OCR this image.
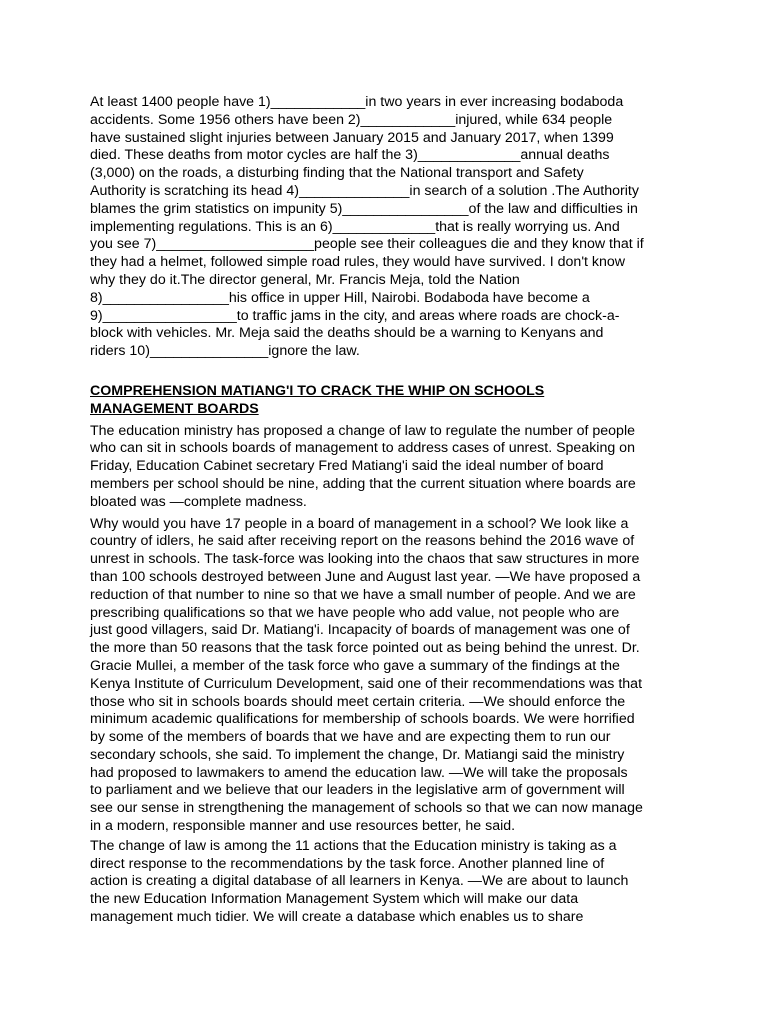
At least 1400 people have 1)____________in two years in ever increasing bodaboda
accidents. Some 1956 others have been 2)____________injured, while 634 people
have sustained slight injuries between January 2015 and January 2017, when 1399
died. These deaths from motor cycles are half the 3)_____________annual deaths
(3,000) on the roads, a disturbing finding that the National transport and Safety
Authority is scratching its head 4)______________in search of a solution .The Authority
blames the grim statistics on impunity 5)________________of the law and difficulties in
implementing regulations. This is an 6)_____________that is really worrying us. And
you see 7)____________________people see their colleagues die and they know that if
they had a helmet, followed simple road rules, they would have survived. I don't know
why they do it.The director general, Mr. Francis Meja, told the Nation
8)________________his office in upper Hill, Nairobi. Bodaboda have become a
9)_________________to traffic jams in the city, and areas where roads are chock-a-
block with vehicles. Mr. Meja said the deaths should be a warning to Kenyans and
riders 10)_______________ignore the law.

COMPREHENSION MATIANG'I TO CRACK THE WHIP ON SCHOOLS
MANAGEMENT BOARDS

The education ministry has proposed a change of law to regulate the number of people
who can sit in schools boards of management to address cases of unrest. Speaking on
Friday, Education Cabinet secretary Fred Matiang'i said the ideal number of board
members per school should be nine, adding that the current situation where boards are
bloated was —complete madness.

Why would you have 17 people in a board of management in a school? We look like a
country of idlers, he said after receiving report on the reasons behind the 2016 wave of
unrest in schools. The task-force was looking into the chaos that saw structures in more
than 100 schools destroyed between June and August last year. —We have proposed a
reduction of that number to nine so that we have a small number of people. And we are
prescribing qualifications so that we have people who add value, not people who are
just good villagers, said Dr. Matiang'i. Incapacity of boards of management was one of
the more than 50 reasons that the task force pointed out as being behind the unrest. Dr.
Gracie Mullei, a member of the task force who gave a summary of the findings at the
Kenya Institute of Curriculum Development, said one of their recommendations was that
those who sit in schools boards should meet certain criteria. —We should enforce the
minimum academic qualifications for membership of schools boards. We were horrified
by some of the members of boards that we have and are expecting them to run our
secondary schools, she said. To implement the change, Dr. Matiangi said the ministry
had proposed to lawmakers to amend the education law. —We will take the proposals
to parliament and we believe that our leaders in the legislative arm of government will
see our sense in strengthening the management of schools so that we can now manage
in a modern, responsible manner and use resources better, he said.

The change of law is among the 11 actions that the Education ministry is taking as a
direct response to the recommendations by the task force. Another planned line of
action is creating a digital database of all learners in Kenya. —We are about to launch
the new Education Information Management System which will make our data
management much tidier. We will create a database which enables us to share
